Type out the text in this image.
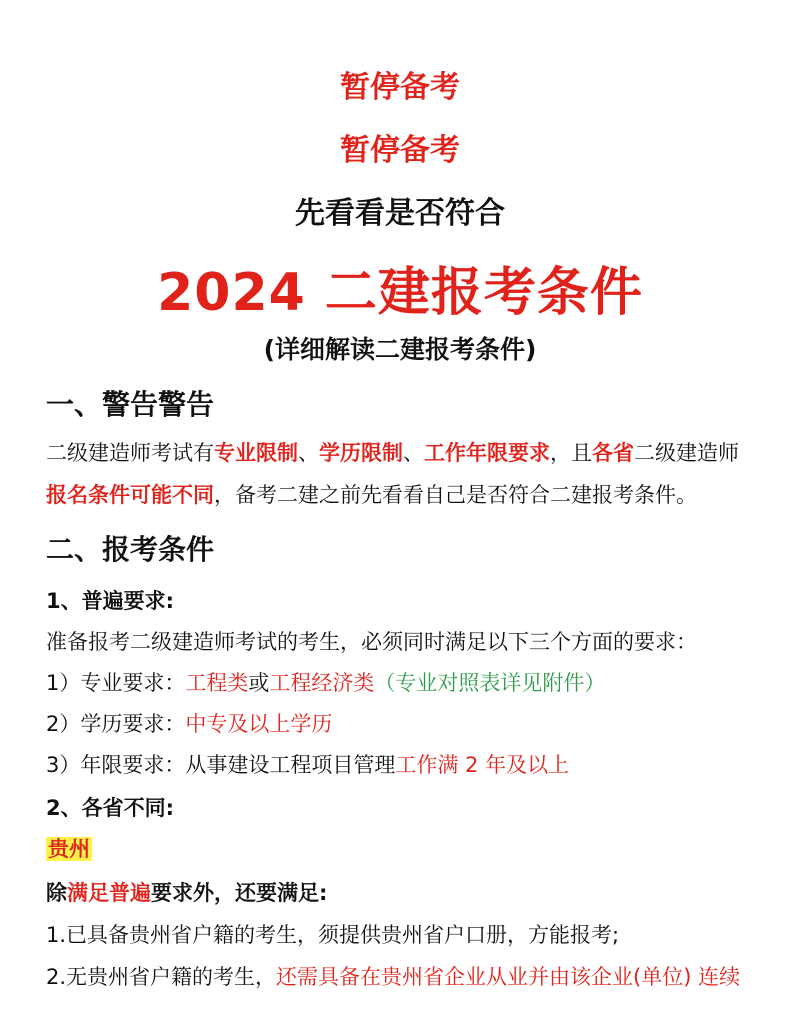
暂停备考
暂停备考
先看看是否符合
2024 二建报考条件
(详细解读二建报考条件)
一、警告警告
二级建造师考试有专业限制、学历限制、工作年限要求，且各省二级建造师
报名条件可能不同，备考二建之前先看看自己是否符合二建报考条件。
二、报考条件
1、普遍要求:
准备报考二级建造师考试的考生，必须同时满足以下三个方面的要求：
1）专业要求：工程类或工程经济类（专业对照表详见附件）
2）学历要求：中专及以上学历
3）年限要求：从事建设工程项目管理工作满 2 年及以上
2、各省不同:
贵州
除满足普遍要求外，还要满足:
1.已具备贵州省户籍的考生，须提供贵州省户口册，方能报考;
2.无贵州省户籍的考生，还需具备在贵州省企业从业并由该企业(单位) 连续
